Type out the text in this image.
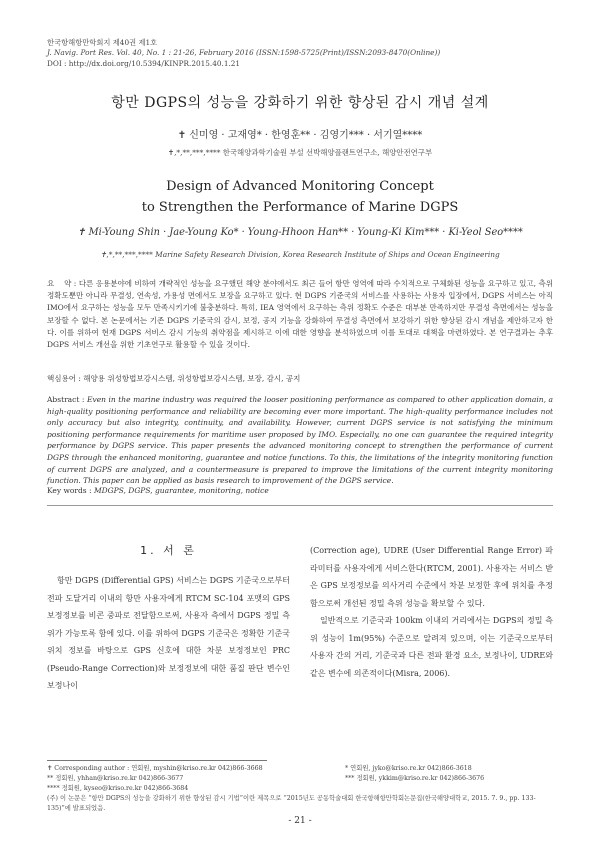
한국항해항만학회지 제40권 제1호
J. Navig. Port Res. Vol. 40, No. 1 : 21-26, February 2016 (ISSN:1598-5725(Print)/ISSN:2093-8470(Online))
DOI : http://dx.doi.org/10.5394/KINPR.2015.40.1.21
항만 DGPS의 성능을 강화하기 위한 향상된 감시 개념 설계
✝ 신미영 · 고재영* · 한영훈** · 김영기*** · 서기열****
✝,*,**,***,**** 한국해양과학기술원 부설 선박해양플랜트연구소, 해양안전연구부
Design of Advanced Monitoring Concept
to Strengthen the Performance of Marine DGPS
✝ Mi-Young Shin · Jae-Young Ko* · Young-Hhoon Han** · Young-Ki Kim*** · Ki-Yeol Seo****
✝,*,**,***,**** Marine Safety Research Division, Korea Research Institute of Ships and Ocean Engineering
요    약 : 다른 응용분야에 비하여 개략적인 성능을 요구했던 해양 분야에서도 최근 들어 항만 영역에 따라 수치적으로 구체화된 성능을 요구하고 있고, 측위 정확도뿐만 아니라 무결성, 연속성, 가용성 면에서도 보장을 요구하고 있다. 현 DGPS 기준국의 서비스를 사용하는 사용자 입장에서, DGPS 서비스는 아직 IMO에서 요구하는 성능을 모두 만족시키기에 불충분하다. 특히, IEA 영역에서 요구하는 측위 정확도 수준은 대부분 만족하지만 무결성 측면에서는 성능을 보장할 수 없다. 본 논문에서는 기존 DGPS 기준국의 감시, 보정, 공지 기능을 강화하여 무결성 측면에서 보강하기 위한 향상된 감시 개념을 제안하고자 한다. 이를 위하여 현재 DGPS 서비스 감시 기능의 취약점을 제시하고 이에 대한 영향을 분석하였으며 이를 토대로 대책을 마련하였다. 본 연구결과는 추후 DGPS 서비스 개선을 위한 기초연구로 활용할 수 있을 것이다.
핵심용어 : 해양용 위성항법보강시스템, 위성항법보강시스템, 보장, 감시, 공지
Abstract : Even in the marine industry was required the looser positioning performance as compared to other application domain, a high-quality positioning performance and reliability are becoming ever more important. The high-quality performance includes not only accuracy but also integrity, continuity, and availability. However, current DGPS service is not satisfying the minimum positioning performance requirements for maritime user proposed by IMO. Especially, no one can guarantee the required integrity performance by DGPS service. This paper presents the advanced monitoring concept to strengthen the performance of current DGPS through the enhanced monitoring, guarantee and notice functions. To this, the limitations of the integrity monitoring function of current DGPS are analyzed, and a countermeasure is prepared to improve the limitations of the current integrity monitoring function. This paper can be applied as basis research to improvement of the DGPS service.
Key words : MDGPS, DGPS, guarantee, monitoring, notice
1. 서 론
항만 DGPS (Differential GPS) 서비스는 DGPS 기준국으로부터 전파 도달거리 이내의 항만 사용자에게 RTCM SC-104 포맷의 GPS 보정정보를 비콘 중파로 전달함으로써, 사용자 측에서 DGPS 정밀 측위가 가능토록 함에 있다. 이를 위하여 DGPS 기준국은 정확한 기준국 위치 정보를 바탕으로 GPS 신호에 대한 차분 보정정보인 PRC (Pseudo-Range Correction)와 보정정보에 대한 품질 판단 변수인 보정나이
(Correction age), UDRE (User Differential Range Error) 파라미터를 사용자에게 서비스한다(RTCM, 2001). 사용자는 서비스 받은 GPS 보정정보를 의사거리 수준에서 차분 보정한 후에 위치를 추정함으로써 개선된 정밀 측위 성능을 확보할 수 있다.
일반적으로 기준국과 100km 이내의 거리에서는 DGPS의 정밀 측위 성능이 1m(95%) 수준으로 알려져 있으며, 이는 기준국으로부터 사용자 간의 거리, 기준국과 다른 전파 환경 요소, 보정나이, UDRE와 같은 변수에 의존적이다(Misra, 2006).
✝ Corresponding author : 연회원, myshin@kriso.re.kr 042)866-3668	* 연회원, jyko@kriso.re.kr 042)866-3618
** 정회원, yhhan@kriso.re.kr 042)866-3677	*** 정회원, ykkim@kriso.re.kr 042)866-3676
**** 정회원, kyseo@kriso.re.kr 042)866-3684
(주) 이 논문은 “항만 DGPS의 성능을 강화하기 위한 향상된 감시 기법”이란 제목으로 “2015년도 공동학술대회 한국항해항만학회논문집(한국해양대학교, 2015. 7. 9., pp. 133-135)”에 발표되었음.
- 21 -
